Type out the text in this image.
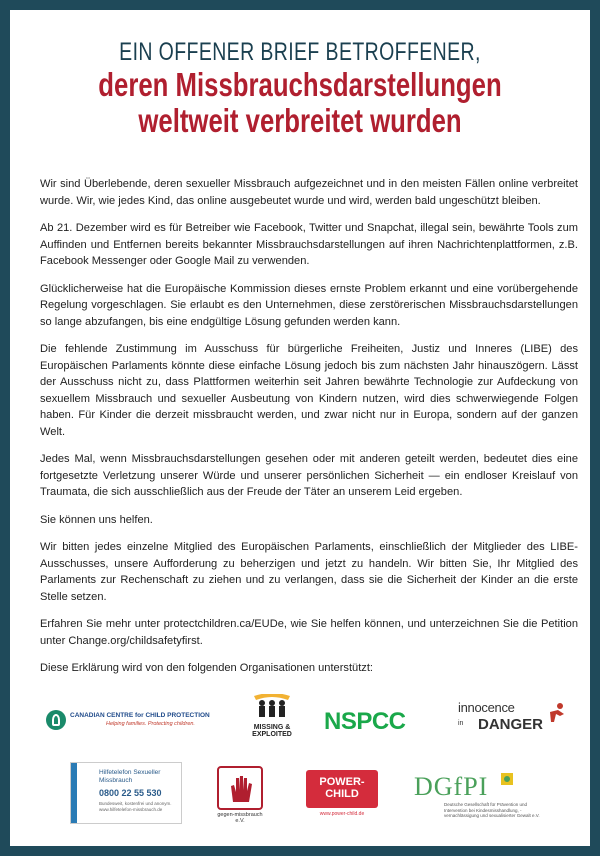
EIN OFFENER BRIEF BETROFFENER,
deren Missbrauchsdarstellungen
weltweit verbreitet wurden

Wir sind Überlebende, deren sexueller Missbrauch aufgezeichnet und in den meisten Fällen online verbreitet wurde. Wir, wie jedes Kind, das online ausgebeutet wurde und wird, werden bald ungeschützt bleiben.

Ab 21. Dezember wird es für Betreiber wie Facebook, Twitter und Snapchat, illegal sein, bewährte Tools zum Auffinden und Entfernen bereits bekannter Missbrauchsdarstellungen auf ihren Nachrichtenplattformen, z.B. Facebook Messenger oder Google Mail zu verwenden.

Glücklicherweise hat die Europäische Kommission dieses ernste Problem erkannt und eine vorübergehende Regelung vorgeschlagen. Sie erlaubt es den Unternehmen, diese zerstörerischen Missbrauchsdarstellungen so lange abzufangen, bis eine endgültige Lösung gefunden werden kann.

Die fehlende Zustimmung im Ausschuss für bürgerliche Freiheiten, Justiz und Inneres (LIBE) des Europäischen Parlaments könnte diese einfache Lösung jedoch bis zum nächsten Jahr hinauszögern. Lässt der Ausschuss nicht zu, dass Plattformen weiterhin seit Jahren bewährte Technologie zur Aufdeckung von sexuellem Missbrauch und sexueller Ausbeutung von Kindern nutzen, wird dies schwerwiegende Folgen haben. Für Kinder die derzeit missbraucht werden, und zwar nicht nur in Europa, sondern auf der ganzen Welt.

Jedes Mal, wenn Missbrauchsdarstellungen gesehen oder mit anderen geteilt werden, bedeutet dies eine fortgesetzte Verletzung unserer Würde und unserer persönlichen Sicherheit — ein endloser Kreislauf von Traumata, die sich ausschließlich aus der Freude der Täter an unserem Leid ergeben.

Sie können uns helfen.

Wir bitten jedes einzelne Mitglied des Europäischen Parlaments, einschließlich der Mitglieder des LIBE-Ausschusses, unsere Aufforderung zu beherzigen und jetzt zu handeln. Wir bitten Sie, Ihr Mitglied des Parlaments zur Rechenschaft zu ziehen und zu verlangen, dass sie die Sicherheit der Kinder an die erste Stelle setzen.

Erfahren Sie mehr unter protectchildren.ca/EUDe, wie Sie helfen können, und unterzeichnen Sie die Petition unter Change.org/childsafetyfirst.

Diese Erklärung wird von den folgenden Organisationen unterstützt:

CANADIAN CENTRE for CHILD PROTECTION
Helping families. Protecting children.	MISSING & EXPLOITED	NSPCC
innocence
in DANGER
Hilfetelefon Sexueller Missbrauch
0800 22 55 530
Bundesweit, kostenfrei und anonym. www.hilfetelefon-missbrauch.de
gegen-missbrauch e.V.
POWER-CHILD
www.power-child.de
DGfPI
Deutsche Gesellschaft für Prävention und Intervention bei Kindesmisshandlung, -vernachlässigung und sexualisierter Gewalt e.V.
